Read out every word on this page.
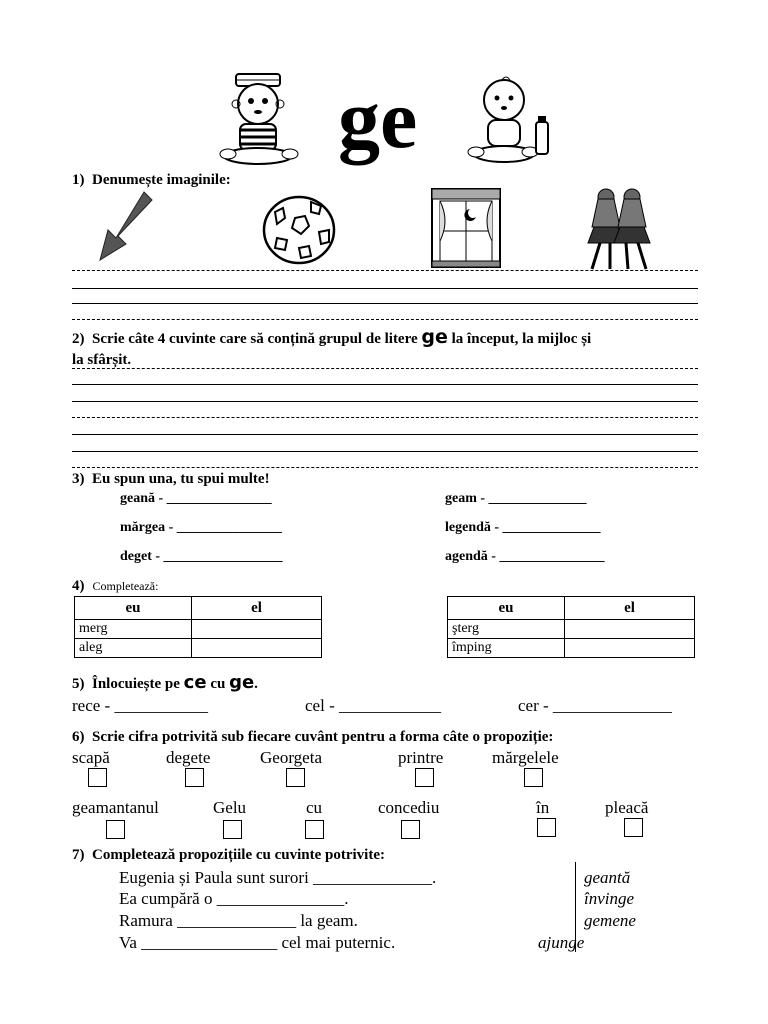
ge
1) Denumește imaginile:
2) Scrie câte 4 cuvinte care să conțină grupul de litere ge la început, la mijloc și
la sfârșit.
3) Eu spun una, tu spui multe!
geană - _______________
mărgea - _______________
deget - _________________
geam - ______________
legendă - ______________
agendă - _______________
4) Completează:
eu	el
merg	
aleg	
eu	el
şterg	
împing	
5) Înlocuiește pe ce cu ge.
rece - ___________	cel - ____________	cer - ______________
6) Scrie cifra potrivită sub fiecare cuvânt pentru a forma câte o propoziție:
scapă	degete	Georgeta	printre	mărgelele
geamantanul	Gelu	cu	concediu	în	pleacă
7) Completează propozițiile cu cuvinte potrivite:
Eugenia și Paula sunt surori ______________.
Ea cumpără o _______________.
Ramura ______________ la geam.
Va ________________ cel mai puternic.
geantă
învinge
gemene
ajunge
